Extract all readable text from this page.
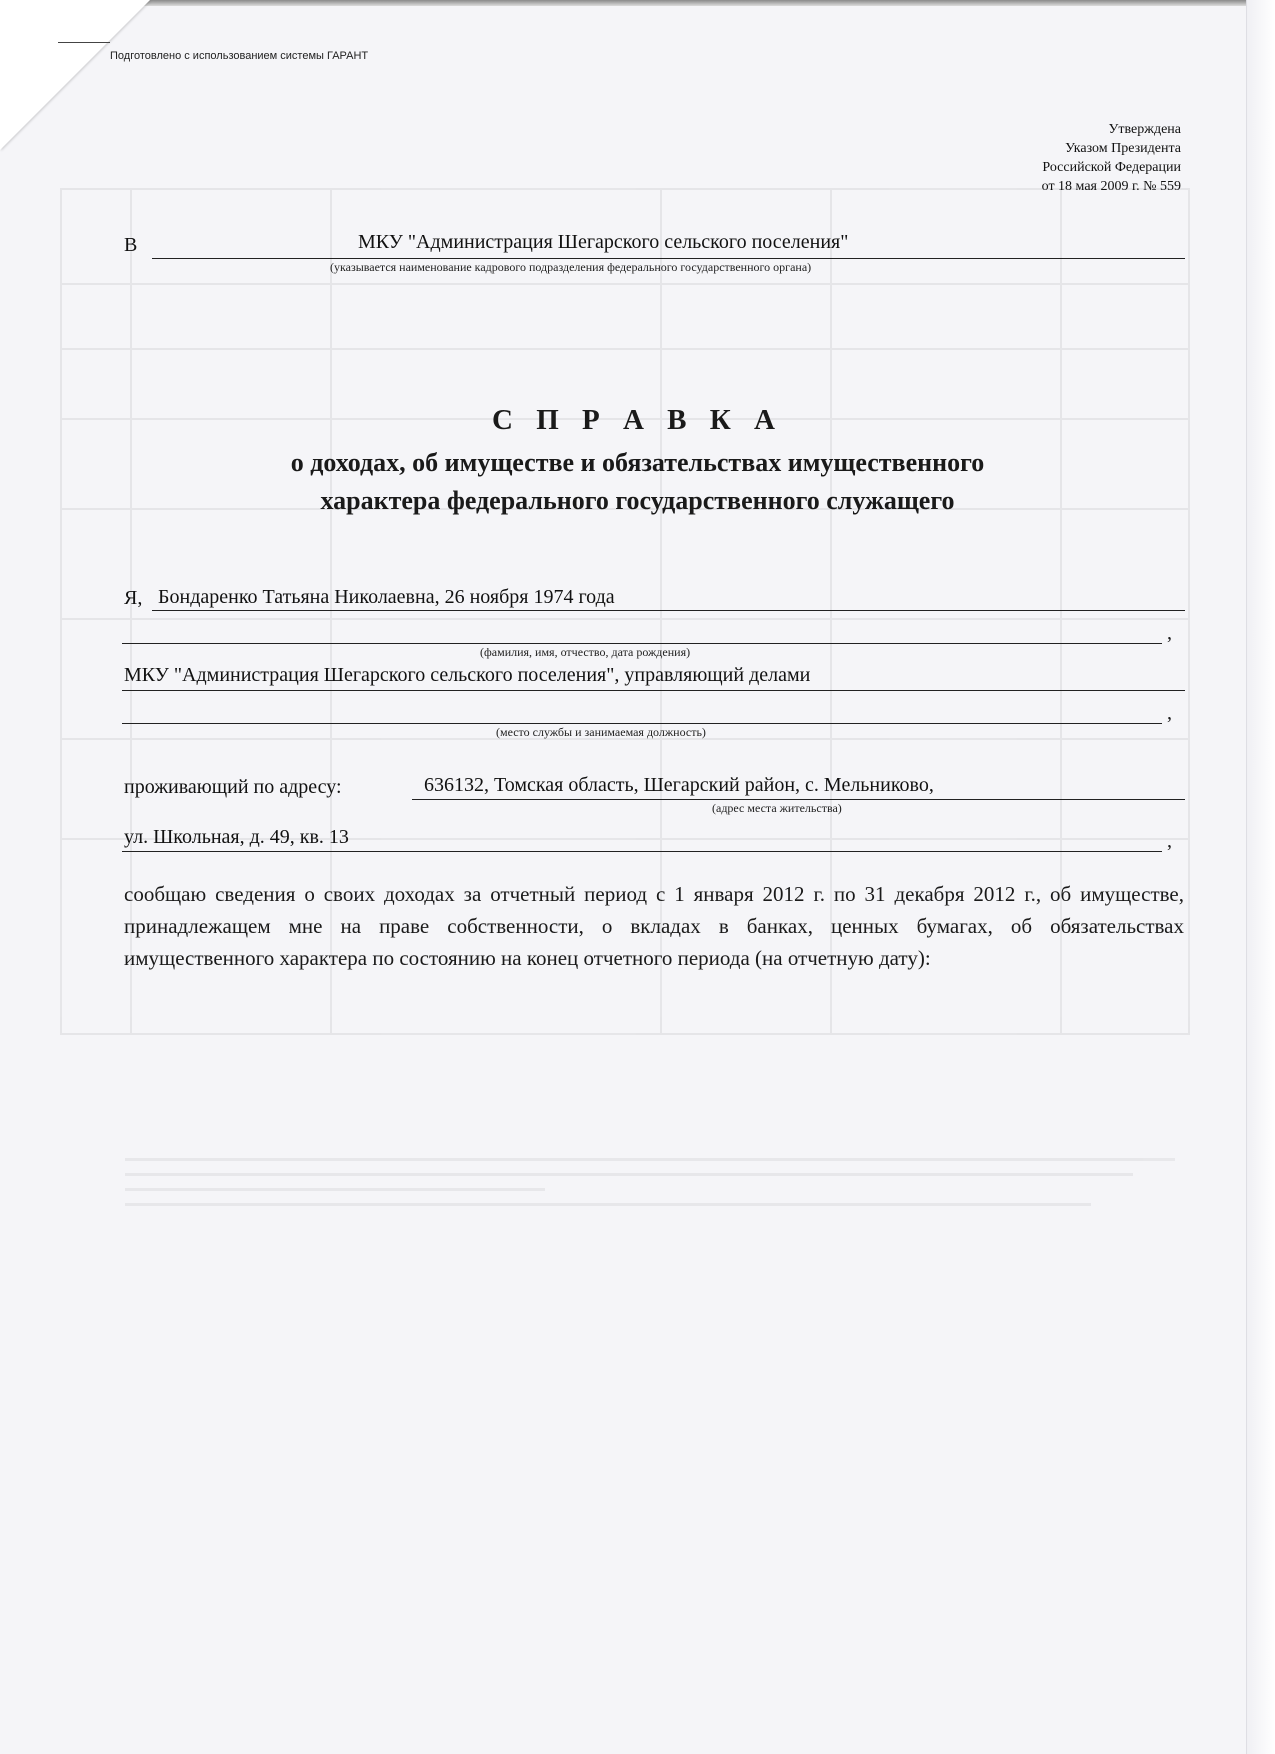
Подготовлено с использованием системы ГАРАНТ
Утверждена
Указом Президента
Российской Федерации
от 18 мая 2009 г. № 559
В	МКУ "Администрация Шегарского сельского поселения"
(указывается наименование кадрового подразделения федерального государственного органа)
С П Р А В К А
о доходах, об имуществе и обязательствах имущественного
характера федерального государственного служащего
Я, Бондаренко Татьяна Николаевна, 26 ноября 1974 года
,
(фамилия, имя, отчество, дата рождения)
МКУ "Администрация Шегарского сельского поселения", управляющий делами
,
(место службы и занимаемая должность)
проживающий по адресу:	636132, Томская область, Шегарский район, с. Мельниково,
(адрес места жительства)
ул. Школьная, д. 49, кв. 13	,
сообщаю сведения о своих доходах за отчетный период с 1 января 2012 г. по 31 декабря 2012 г., об имуществе, принадлежащем мне на праве собственности, о вкладах в банках, ценных бумагах, об обязательствах имущественного характера по состоянию на конец отчетного периода (на отчетную дату):
